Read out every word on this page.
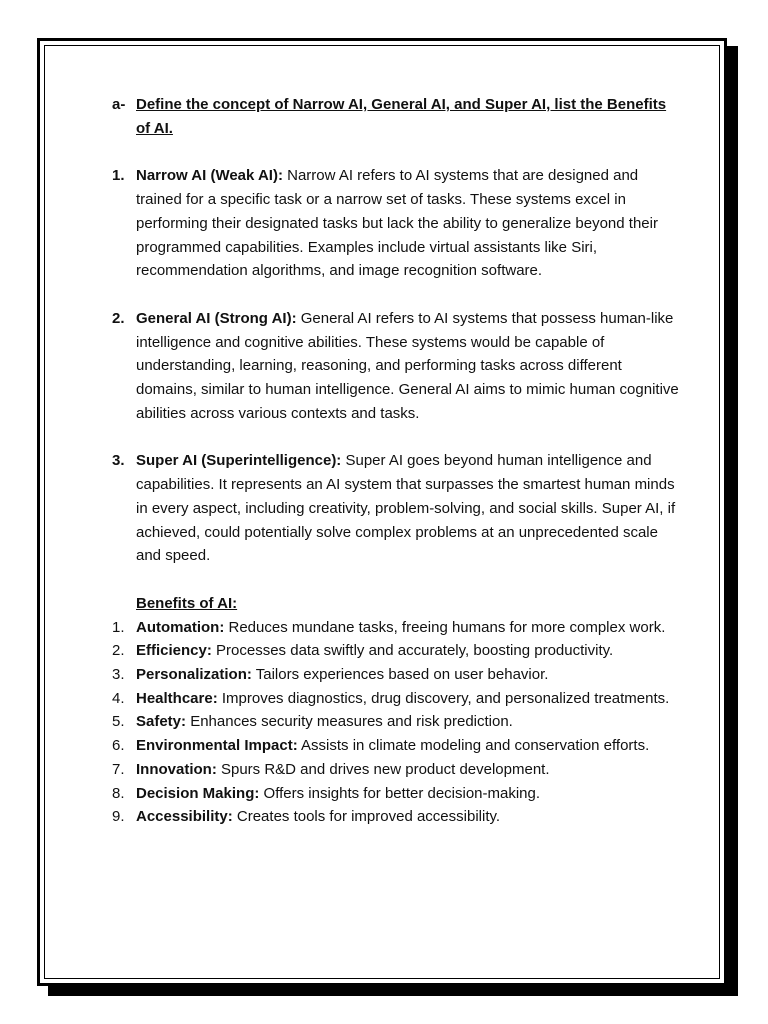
a- Define the concept of Narrow AI, General AI, and Super AI, list the Benefits of AI.
1. Narrow AI (Weak AI): Narrow AI refers to AI systems that are designed and trained for a specific task or a narrow set of tasks. These systems excel in performing their designated tasks but lack the ability to generalize beyond their programmed capabilities. Examples include virtual assistants like Siri, recommendation algorithms, and image recognition software.
2. General AI (Strong AI): General AI refers to AI systems that possess human-like intelligence and cognitive abilities. These systems would be capable of understanding, learning, reasoning, and performing tasks across different domains, similar to human intelligence. General AI aims to mimic human cognitive abilities across various contexts and tasks.
3. Super AI (Superintelligence): Super AI goes beyond human intelligence and capabilities. It represents an AI system that surpasses the smartest human minds in every aspect, including creativity, problem-solving, and social skills. Super AI, if achieved, could potentially solve complex problems at an unprecedented scale and speed.
Benefits of AI:
1. Automation: Reduces mundane tasks, freeing humans for more complex work.
2. Efficiency: Processes data swiftly and accurately, boosting productivity.
3. Personalization: Tailors experiences based on user behavior.
4. Healthcare: Improves diagnostics, drug discovery, and personalized treatments.
5. Safety: Enhances security measures and risk prediction.
6. Environmental Impact: Assists in climate modeling and conservation efforts.
7. Innovation: Spurs R&D and drives new product development.
8. Decision Making: Offers insights for better decision-making.
9. Accessibility: Creates tools for improved accessibility.
